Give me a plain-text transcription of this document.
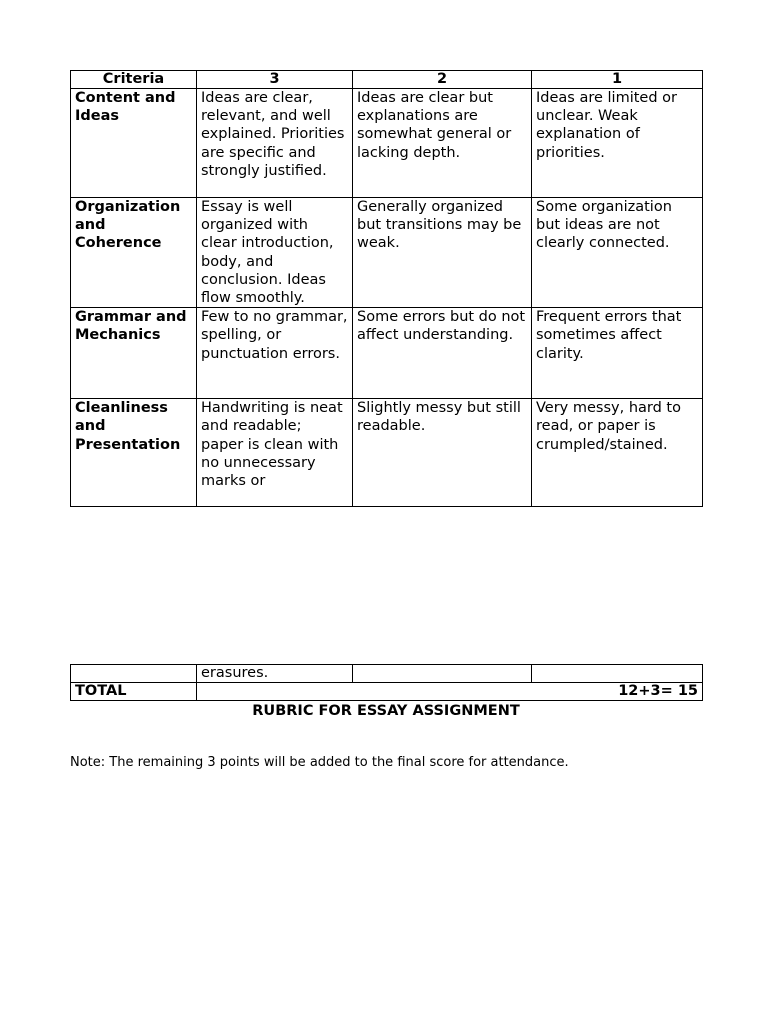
Criteria	3	2	1
Content and Ideas	Ideas are clear, relevant, and well explained. Priorities are specific and strongly justified.	Ideas are clear but explanations are somewhat general or lacking depth.	Ideas are limited or unclear. Weak explanation of priorities.
Organization and Coherence	Essay is well organized with clear introduction, body, and conclusion. Ideas flow smoothly.	Generally organized but transitions may be weak.	Some organization but ideas are not clearly connected.
Grammar and Mechanics	Few to no grammar, spelling, or punctuation errors.	Some errors but do not affect understanding.	Frequent errors that sometimes affect clarity.
Cleanliness and Presentation	Handwriting is neat and readable; paper is clean with no unnecessary marks or	Slightly messy but still readable.	Very messy, hard to read, or paper is crumpled/stained.
	erasures.		
TOTAL	12+3= 15		
RUBRIC FOR ESSAY ASSIGNMENT
Note: The remaining 3 points will be added to the final score for attendance.
